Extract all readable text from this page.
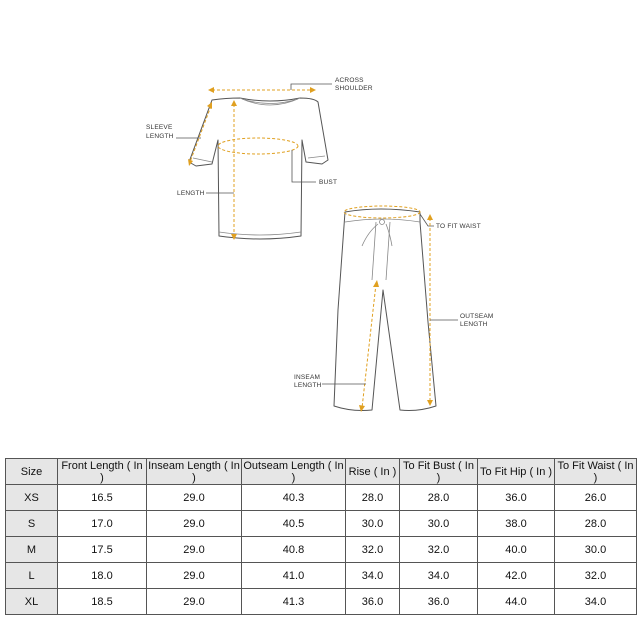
ACROSS
SHOULDER
SLEEVE
LENGTH
BUST
LENGTH
TO FIT WAIST
OUTSEAM
LENGTH
INSEAM
LENGTH
Size	Front Length ( In )	Inseam Length ( In )	Outseam Length ( In )	Rise ( In )	To Fit Bust ( In )	To Fit Hip ( In )	To Fit Waist ( In )
XS	16.5	29.0	40.3	28.0	28.0	36.0	26.0
S	17.0	29.0	40.5	30.0	30.0	38.0	28.0
M	17.5	29.0	40.8	32.0	32.0	40.0	30.0
L	18.0	29.0	41.0	34.0	34.0	42.0	32.0
XL	18.5	29.0	41.3	36.0	36.0	44.0	34.0
